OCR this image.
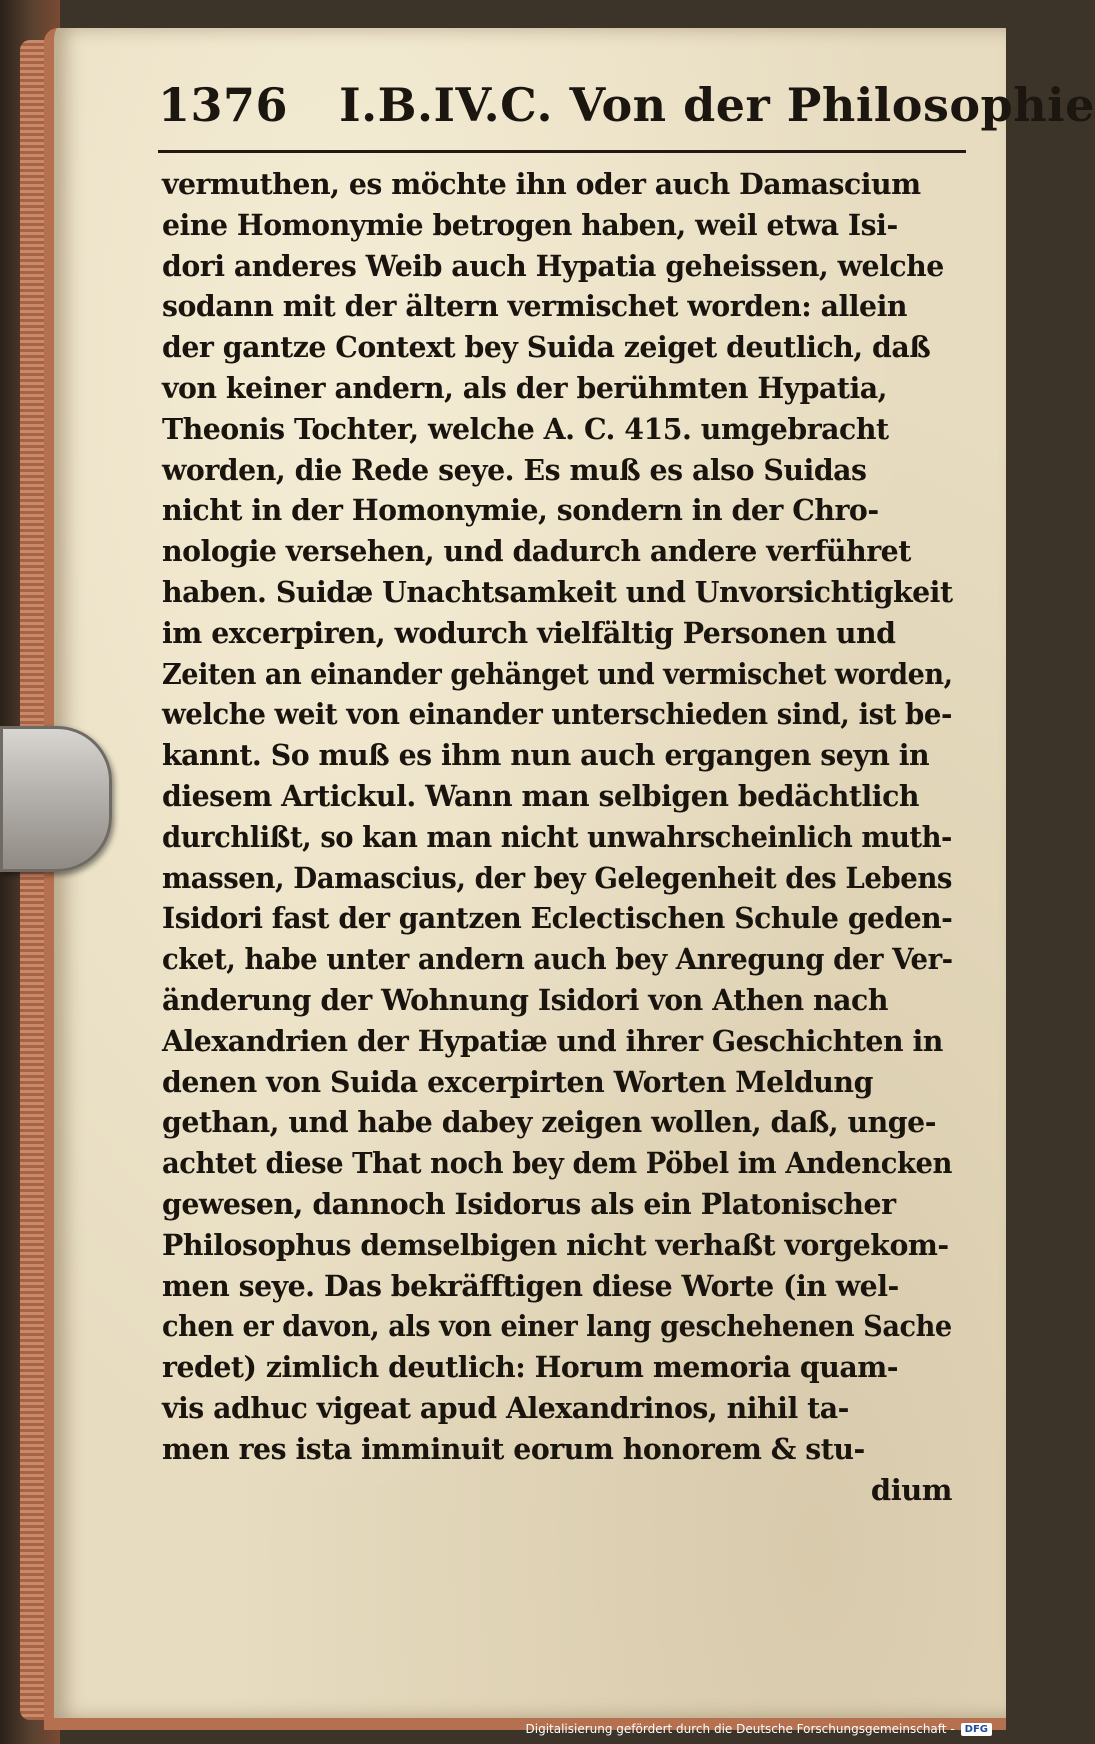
1376 I.B.IV.C. Von der Philosophie
vermuthen, es möchte ihn oder auch Damascium
eine Homonymie betrogen haben, weil etwa Isi-
dori anderes Weib auch Hypatia geheissen, welche
sodann mit der ältern vermischet worden: allein
der gantze Context bey Suida zeiget deutlich, daß
von keiner andern, als der berühmten Hypatia,
Theonis Tochter, welche A. C. 415. umgebracht
worden, die Rede seye. Es muß es also Suidas
nicht in der Homonymie, sondern in der Chro-
nologie versehen, und dadurch andere verführet
haben. Suidæ Unachtsamkeit und Unvorsichtigkeit
im excerpiren, wodurch vielfältig Personen und
Zeiten an einander gehänget und vermischet worden,
welche weit von einander unterschieden sind, ist be-
kannt. So muß es ihm nun auch ergangen seyn in
diesem Artickul. Wann man selbigen bedächtlich
durchlißt, so kan man nicht unwahrscheinlich muth-
massen, Damascius, der bey Gelegenheit des Lebens
Isidori fast der gantzen Eclectischen Schule geden-
cket, habe unter andern auch bey Anregung der Ver-
änderung der Wohnung Isidori von Athen nach
Alexandrien der Hypatiæ und ihrer Geschichten in
denen von Suida excerpirten Worten Meldung
gethan, und habe dabey zeigen wollen, daß, unge-
achtet diese That noch bey dem Pöbel im Andencken
gewesen, dannoch Isidorus als ein Platonischer
Philosophus demselbigen nicht verhaßt vorgekom-
men seye. Das bekräfftigen diese Worte (in wel-
chen er davon, als von einer lang geschehenen Sache
redet) zimlich deutlich: Horum memoria quam-
vis adhuc vigeat apud Alexandrinos, nihil ta-
men res ista imminuit eorum honorem & stu-
dium
Digitalisierung gefördert durch die Deutsche Forschungsgemeinschaft -	DFG
